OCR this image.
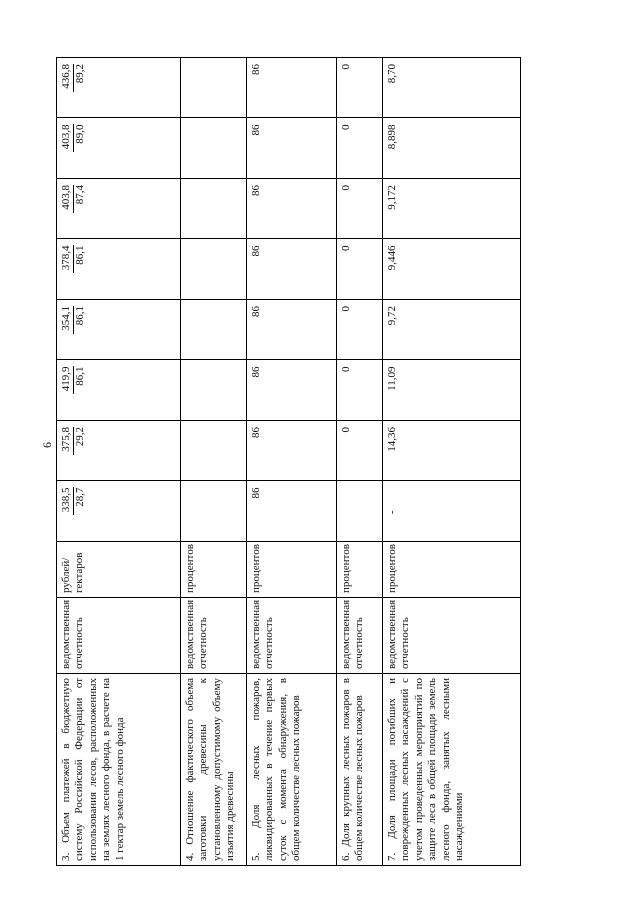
6
3. Объем платежей в бюджетную систему Российской Федерации от использования лесов, расположенных на землях лесного фонда, в расчете на 1 гектар земель лесного фонда	ведомственная отчетность	рублей/гектаров	338,5 28,7	375,8 29,2	419,9 86,1	354,1 86,1	378,4 86,1	403,8 87,4	403,8 89,0	436,8 89,2

4. Отношение фактического объема заготовки древесины к установленному допустимому объему изъятия древесины	ведомственная отчетность	процентов	

5. Доля лесных пожаров, ликвидированных в течение первых суток с момента обнаружения, в общем количестве лесных пожаров	ведомственная отчетность	процентов	86	86	86	86	86	86	86	86

6. Доля крупных лесных пожаров в общем количестве лесных пожаров	ведомственная отчетность	процентов		0	0	0	0	0	0	0

7. Доля площади погибших и поврежденных лесных насаждений с учетом проведенных мероприятий по защите леса в общей площади земель лесного фонда, занятых лесными насаждениями	ведомственная отчетность	процентов	-	14,36	11,09	9,72	9,446	9,172	8,898	8,70
